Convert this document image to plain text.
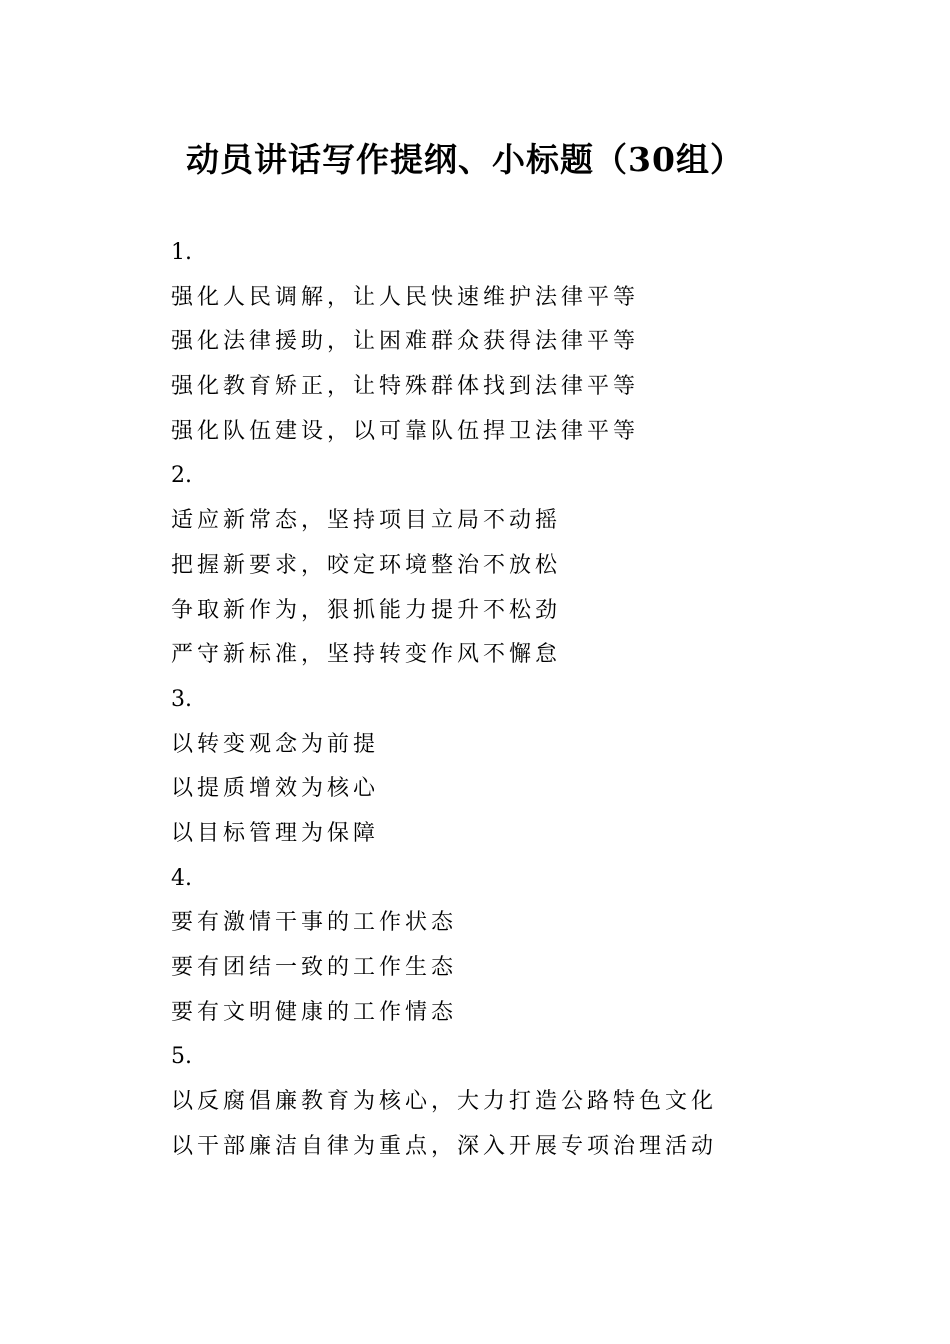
动员讲话写作提纲、小标题（30组）

1.

强化人民调解，让人民快速维护法律平等

强化法律援助，让困难群众获得法律平等

强化教育矫正，让特殊群体找到法律平等

强化队伍建设，以可靠队伍捍卫法律平等

2.

适应新常态，坚持项目立局不动摇

把握新要求，咬定环境整治不放松

争取新作为，狠抓能力提升不松劲

严守新标准，坚持转变作风不懈怠

3.

以转变观念为前提

以提质增效为核心

以目标管理为保障

4.

要有激情干事的工作状态

要有团结一致的工作生态

要有文明健康的工作情态

5.

以反腐倡廉教育为核心，大力打造公路特色文化

以干部廉洁自律为重点，深入开展专项治理活动
